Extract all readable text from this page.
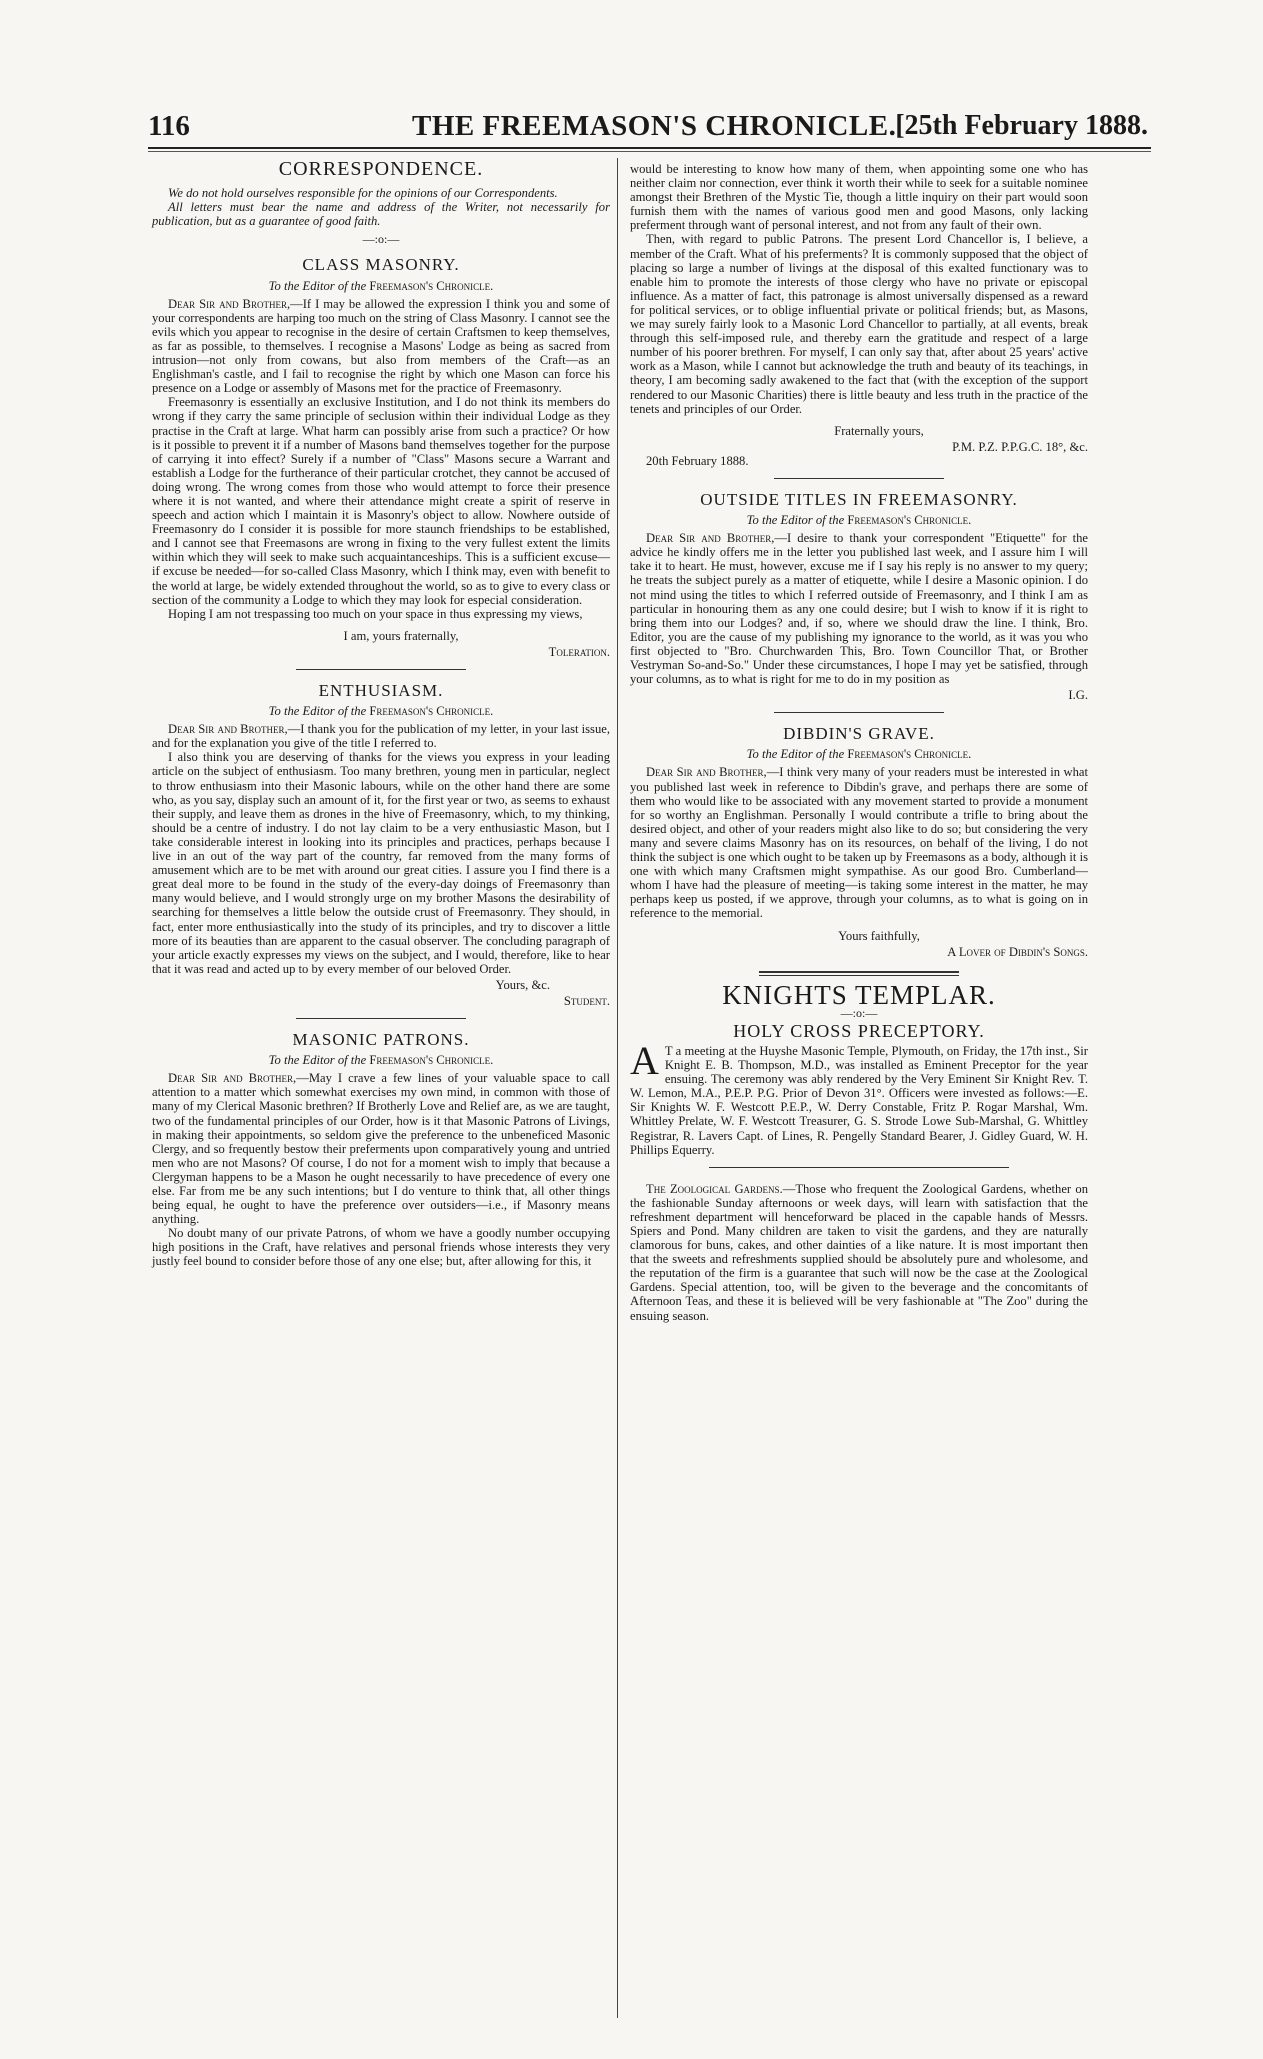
116	THE FREEMASON'S CHRONICLE.
[25th February 1888.
CORRESPONDENCE.

We do not hold ourselves responsible for the opinions of our Correspondents.

All letters must bear the name and address of the Writer, not necessarily for publication, but as a guarantee of good faith.

—:o:—
CLASS MASONRY.
To the Editor of the Freemason's Chronicle.

Dear Sir and Brother,—If I may be allowed the expression I think you and some of your correspondents are harping too much on the string of Class Masonry. I cannot see the evils which you appear to recognise in the desire of certain Craftsmen to keep themselves, as far as possible, to themselves. I recognise a Masons' Lodge as being as sacred from intrusion—not only from cowans, but also from members of the Craft—as an Englishman's castle, and I fail to recognise the right by which one Mason can force his presence on a Lodge or assembly of Masons met for the practice of Freemasonry.

Freemasonry is essentially an exclusive Institution, and I do not think its members do wrong if they carry the same principle of seclusion within their individual Lodge as they practise in the Craft at large. What harm can possibly arise from such a practice? Or how is it possible to prevent it if a number of Masons band themselves together for the purpose of carrying it into effect? Surely if a number of "Class" Masons secure a Warrant and establish a Lodge for the furtherance of their particular crotchet, they cannot be accused of doing wrong. The wrong comes from those who would attempt to force their presence where it is not wanted, and where their attendance might create a spirit of reserve in speech and action which I maintain it is Masonry's object to allow. Nowhere outside of Freemasonry do I consider it is possible for more staunch friendships to be established, and I cannot see that Freemasons are wrong in fixing to the very fullest extent the limits within which they will seek to make such acquaintanceships. This is a sufficient excuse—if excuse be needed—for so-called Class Masonry, which I think may, even with benefit to the world at large, be widely extended throughout the world, so as to give to every class or section of the community a Lodge to which they may look for especial consideration.

Hoping I am not trespassing too much on your space in thus expressing my views,

I am, yours fraternally,
Toleration.
ENTHUSIASM.
To the Editor of the Freemason's Chronicle.

Dear Sir and Brother,—I thank you for the publication of my letter, in your last issue, and for the explanation you give of the title I referred to.

I also think you are deserving of thanks for the views you express in your leading article on the subject of enthusiasm. Too many brethren, young men in particular, neglect to throw enthusiasm into their Masonic labours, while on the other hand there are some who, as you say, display such an amount of it, for the first year or two, as seems to exhaust their supply, and leave them as drones in the hive of Freemasonry, which, to my thinking, should be a centre of industry. I do not lay claim to be a very enthusiastic Mason, but I take considerable interest in looking into its principles and practices, perhaps because I live in an out of the way part of the country, far removed from the many forms of amusement which are to be met with around our great cities. I assure you I find there is a great deal more to be found in the study of the every-day doings of Freemasonry than many would believe, and I would strongly urge on my brother Masons the desirability of searching for themselves a little below the outside crust of Freemasonry. They should, in fact, enter more enthusiastically into the study of its principles, and try to discover a little more of its beauties than are apparent to the casual observer. The concluding paragraph of your article exactly expresses my views on the subject, and I would, therefore, like to hear that it was read and acted up to by every member of our beloved Order.

Yours, &c.
Student.
MASONIC PATRONS.
To the Editor of the Freemason's Chronicle.

Dear Sir and Brother,—May I crave a few lines of your valuable space to call attention to a matter which somewhat exercises my own mind, in common with those of many of my Clerical Masonic brethren? If Brotherly Love and Relief are, as we are taught, two of the fundamental principles of our Order, how is it that Masonic Patrons of Livings, in making their appointments, so seldom give the preference to the unbeneficed Masonic Clergy, and so frequently bestow their preferments upon comparatively young and untried men who are not Masons? Of course, I do not for a moment wish to imply that because a Clergyman happens to be a Mason he ought necessarily to have precedence of every one else. Far from me be any such intentions; but I do venture to think that, all other things being equal, he ought to have the preference over outsiders—i.e., if Masonry means anything.

No doubt many of our private Patrons, of whom we have a goodly number occupying high positions in the Craft, have relatives and personal friends whose interests they very justly feel bound to consider before those of any one else; but, after allowing for this, it

would be interesting to know how many of them, when appointing some one who has neither claim nor connection, ever think it worth their while to seek for a suitable nominee amongst their Brethren of the Mystic Tie, though a little inquiry on their part would soon furnish them with the names of various good men and good Masons, only lacking preferment through want of personal interest, and not from any fault of their own.

Then, with regard to public Patrons. The present Lord Chancellor is, I believe, a member of the Craft. What of his preferments? It is commonly supposed that the object of placing so large a number of livings at the disposal of this exalted functionary was to enable him to promote the interests of those clergy who have no private or episcopal influence. As a matter of fact, this patronage is almost universally dispensed as a reward for political services, or to oblige influential private or political friends; but, as Masons, we may surely fairly look to a Masonic Lord Chancellor to partially, at all events, break through this self-imposed rule, and thereby earn the gratitude and respect of a large number of his poorer brethren. For myself, I can only say that, after about 25 years' active work as a Mason, while I cannot but acknowledge the truth and beauty of its teachings, in theory, I am becoming sadly awakened to the fact that (with the exception of the support rendered to our Masonic Charities) there is little beauty and less truth in the practice of the tenets and principles of our Order.

Fraternally yours,
P.M. P.Z. P.P.G.C. 18°, &c.

20th February 1888.

OUTSIDE TITLES IN FREEMASONRY.
To the Editor of the Freemason's Chronicle.

Dear Sir and Brother,—I desire to thank your correspondent "Etiquette" for the advice he kindly offers me in the letter you published last week, and I assure him I will take it to heart. He must, however, excuse me if I say his reply is no answer to my query; he treats the subject purely as a matter of etiquette, while I desire a Masonic opinion. I do not mind using the titles to which I referred outside of Freemasonry, and I think I am as particular in honouring them as any one could desire; but I wish to know if it is right to bring them into our Lodges? and, if so, where we should draw the line. I think, Bro. Editor, you are the cause of my publishing my ignorance to the world, as it was you who first objected to "Bro. Churchwarden This, Bro. Town Councillor That, or Brother Vestryman So-and-So." Under these circumstances, I hope I may yet be satisfied, through your columns, as to what is right for me to do in my position as

I.G.
DIBDIN'S GRAVE.
To the Editor of the Freemason's Chronicle.

Dear Sir and Brother,—I think very many of your readers must be interested in what you published last week in reference to Dibdin's grave, and perhaps there are some of them who would like to be associated with any movement started to provide a monument for so worthy an Englishman. Personally I would contribute a trifle to bring about the desired object, and other of your readers might also like to do so; but considering the very many and severe claims Masonry has on its resources, on behalf of the living, I do not think the subject is one which ought to be taken up by Freemasons as a body, although it is one with which many Craftsmen might sympathise. As our good Bro. Cumberland—whom I have had the pleasure of meeting—is taking some interest in the matter, he may perhaps keep us posted, if we approve, through your columns, as to what is going on in reference to the memorial.

Yours faithfully,
A Lover of Dibdin's Songs.
KNIGHTS TEMPLAR.
—:o:—
HOLY CROSS PRECEPTORY.

A T a meeting at the Huyshe Masonic Temple, Plymouth, on Friday, the 17th inst., Sir Knight E. B. Thompson, M.D., was installed as Eminent Preceptor for the year ensuing. The ceremony was ably rendered by the Very Eminent Sir Knight Rev. T. W. Lemon, M.A., P.E.P. P.G. Prior of Devon 31°. Officers were invested as follows:—E. Sir Knights W. F. Westcott P.E.P., W. Derry Constable, Fritz P. Rogar Marshal, Wm. Whittley Prelate, W. F. Westcott Treasurer, G. S. Strode Lowe Sub-Marshal, G. Whittley Registrar, R. Lavers Capt. of Lines, R. Pengelly Standard Bearer, J. Gidley Guard, W. H. Phillips Equerry.

The Zoological Gardens.—Those who frequent the Zoological Gardens, whether on the fashionable Sunday afternoons or week days, will learn with satisfaction that the refreshment department will henceforward be placed in the capable hands of Messrs. Spiers and Pond. Many children are taken to visit the gardens, and they are naturally clamorous for buns, cakes, and other dainties of a like nature. It is most important then that the sweets and refreshments supplied should be absolutely pure and wholesome, and the reputation of the firm is a guarantee that such will now be the case at the Zoological Gardens. Special attention, too, will be given to the beverage and the concomitants of Afternoon Teas, and these it is believed will be very fashionable at "The Zoo" during the ensuing season.
